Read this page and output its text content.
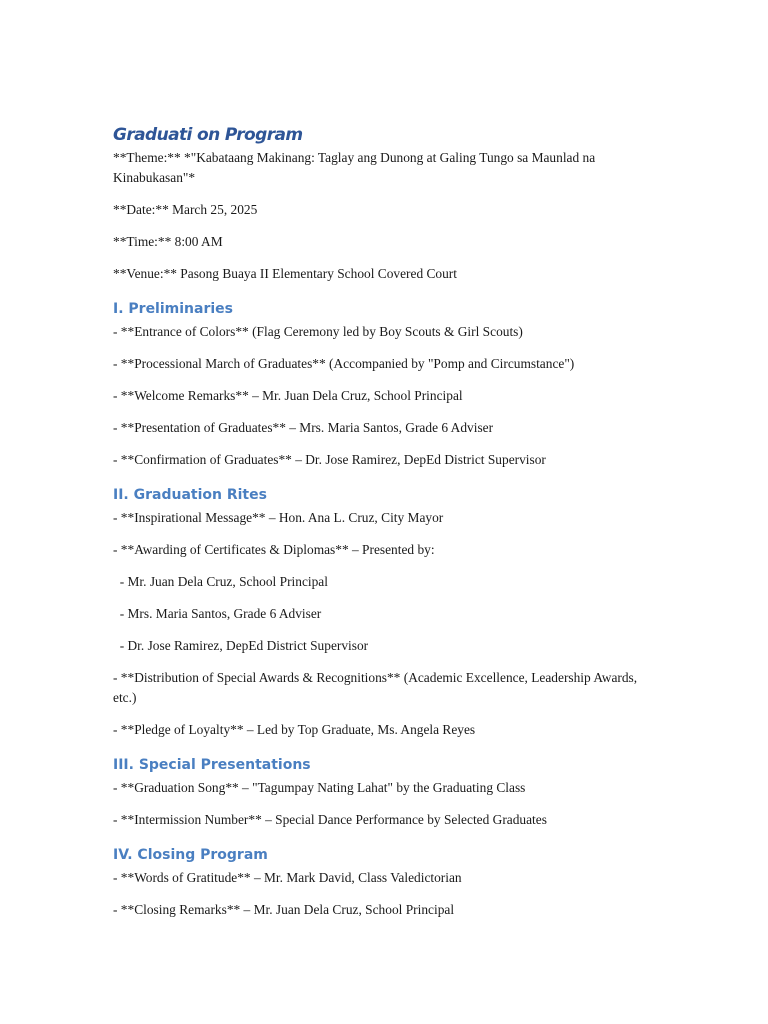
Graduati on Program

**Theme:** *"Kabataang Makinang: Taglay ang Dunong at Galing Tungo sa Maunlad na Kinabukasan"*

**Date:** March 25, 2025

**Time:** 8:00 AM

**Venue:** Pasong Buaya II Elementary School Covered Court

I. Preliminaries

- **Entrance of Colors** (Flag Ceremony led by Boy Scouts & Girl Scouts)

- **Processional March of Graduates** (Accompanied by "Pomp and Circumstance")

- **Welcome Remarks** – Mr. Juan Dela Cruz, School Principal

- **Presentation of Graduates** – Mrs. Maria Santos, Grade 6 Adviser

- **Confirmation of Graduates** – Dr. Jose Ramirez, DepEd District Supervisor

II. Graduation Rites

- **Inspirational Message** – Hon. Ana L. Cruz, City Mayor

- **Awarding of Certificates & Diplomas** – Presented by:

- Mr. Juan Dela Cruz, School Principal

- Mrs. Maria Santos, Grade 6 Adviser

- Dr. Jose Ramirez, DepEd District Supervisor

- **Distribution of Special Awards & Recognitions** (Academic Excellence, Leadership Awards, etc.)

- **Pledge of Loyalty** – Led by Top Graduate, Ms. Angela Reyes

III. Special Presentations

- **Graduation Song** – "Tagumpay Nating Lahat" by the Graduating Class

- **Intermission Number** – Special Dance Performance by Selected Graduates

IV. Closing Program

- **Words of Gratitude** – Mr. Mark David, Class Valedictorian

- **Closing Remarks** – Mr. Juan Dela Cruz, School Principal
